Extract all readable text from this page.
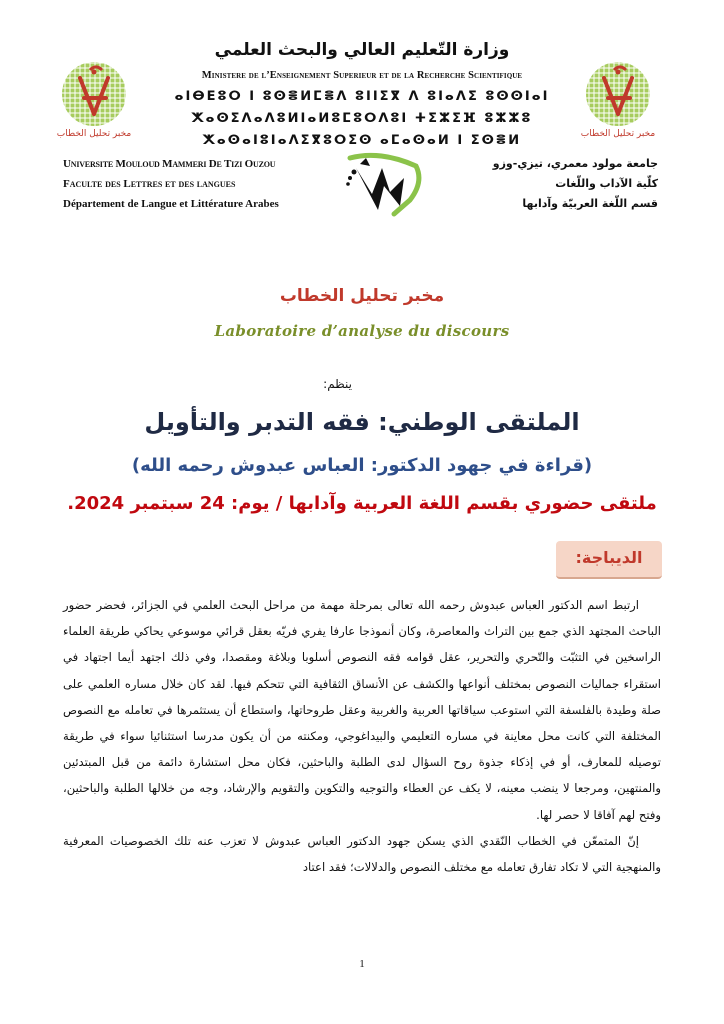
وزارة التّعليم العالي والبحث العلمي
Ministere de l’Enseignement Superieur et de la Recherche Scientifique
ⴰⵏⴱⴹⵓⵔ ⵏ ⵓⵙⴻⵍⵎⴻⴷ ⵓⵏⵏⵉⴳ ⴷ ⵓⵏⴰⴷⵉ ⵓⵙⵙⵏⴰⵏ
ⵅⴰⵙⵉⴷⴰⴷⵓⵍⵏⴰⵍⵓⵎⵓⵔⴷⵓⵏ ⵜⵉⵣⵉⴼ ⵓⵣⵣⵓ
ⵅⴰⵙⴰⵏⵓⵏⴰⴷⵉⴳⵓⵔⵉⵙ ⴰⵎⴰⵙⴰⵍ ⵏ ⵉⵙⴻⵍ
مخبر تحليل الخطاب	مخبر تحليل الخطاب
Universite Mouloud Mammeri De Tizi Ouzou
Faculte des Lettres et des langues
Département de Langue et Littérature Arabes
جامعة مولود معمري، تيزي-وزو
كلّية الآداب واللّغات
قسم اللّغة العربيّة وآدابها
مخبر تحليل الخطاب
Laboratoire d’analyse du discours
ينظم:
الملتقى الوطني: فقه التدبر والتأويل
(قراءة في جهود الدكتور: العباس عبدوش رحمه الله)
ملتقى حضوري بقسم اللغة العربية وآدابها / يوم: 24 سبتمبر 2024.
الديباجة:

ارتبط اسم الدكتور العباس عبدوش رحمه الله تعالى بمرحلة مهمة من مراحل البحث العلمي في الجزائر، فحضر حضور الباحث المجتهد الذي جمع بين التراث والمعاصرة، وكان أنموذجا عارفا يفري فريّه بعقل قرائي موسوعي يحاكي طريقة العلماء الراسخين في التثبّت والتّحري والتحرير، عقل قوامه فقه النصوص أسلوبا وبلاغة ومقصدا، وفي ذلك اجتهد أيما اجتهاد في استقراء جماليات النصوص بمختلف أنواعها والكشف عن الأنساق الثقافية التي تتحكم فيها. لقد كان خلال مساره العلمي على صلة وطيدة بالفلسفة التي استوعب سياقاتها العربية والغربية وعقل طروحاتها، واستطاع أن يستثمرها في تعامله مع النصوص المختلفة التي كانت محل معاينة في مساره التعليمي والبيداغوجي، ومكنته من أن يكون مدرسا استثنائيا سواء في طريقة توصيله للمعارف، أو في إذكاء جذوة روح السؤال لدى الطلبة والباحثين، فكان محل استشارة دائمة من قبل المبتدئين والمنتهين، ومرجعا لا ينضب معينه، لا يكف عن العطاء والتوجيه والتكوين والتقويم والإرشاد، وجه من خلالها الطلبة والباحثين، وفتح لهم آفاقا لا حصر لها.

إنّ المتمعّن في الخطاب النّقدي الذي يسكن جهود الدكتور العباس عبدوش لا تعزب عنه تلك الخصوصيات المعرفية والمنهجية التي لا تكاد تفارق تعامله مع مختلف النصوص والدلالات؛ فقد اعتاد

1
